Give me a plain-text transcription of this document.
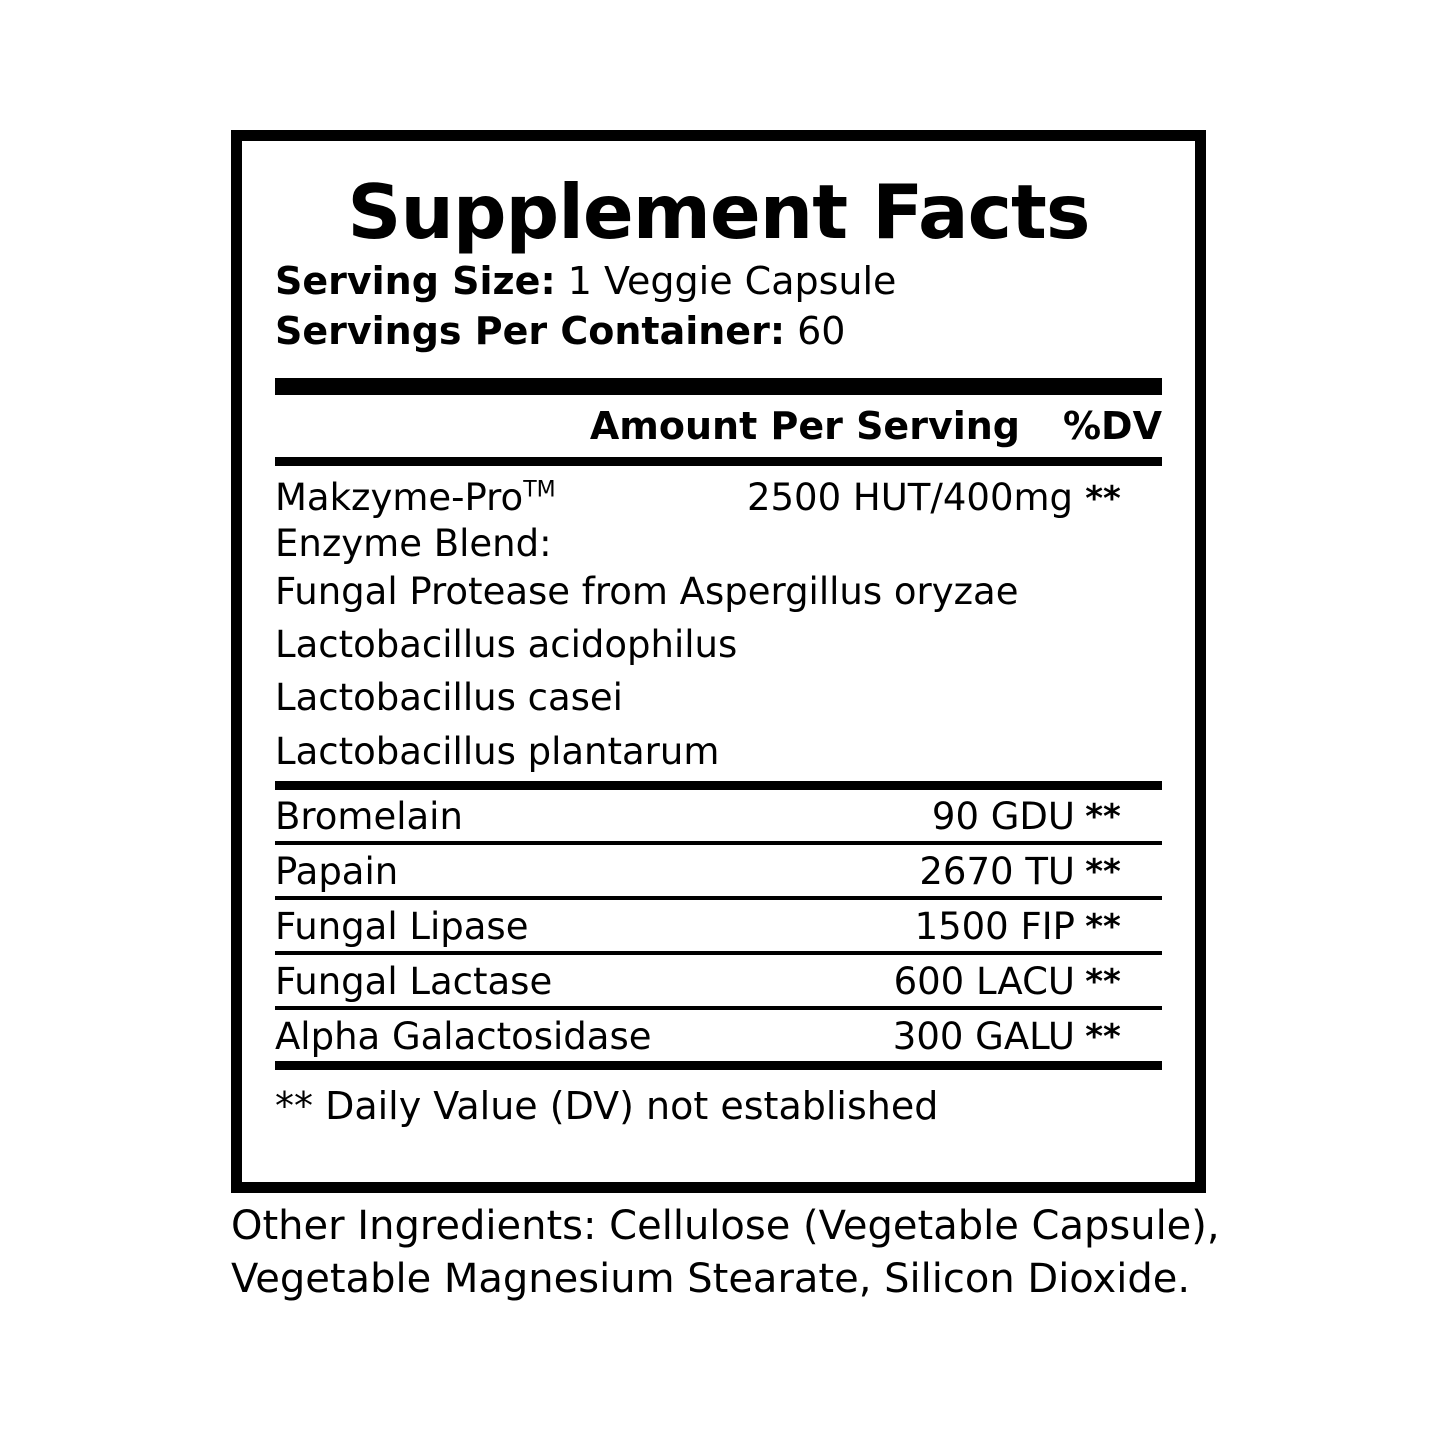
Supplement Facts
Serving Size: 1 Veggie Capsule
Servings Per Container: 60
Amount Per Serving	%DV
Makzyme-Pro™	2500 HUT/400mg **
Enzyme Blend:
Fungal Protease from Aspergillus oryzae
Lactobacillus acidophilus
Lactobacillus casei
Lactobacillus plantarum
Bromelain	90 GDU **
Papain	2670 TU **
Fungal Lipase	1500 FIP **
Fungal Lactase	600 LACU **
Alpha Galactosidase	300 GALU **
** Daily Value (DV) not established
Other Ingredients: Cellulose (Vegetable Capsule),
Vegetable Magnesium Stearate, Silicon Dioxide.
